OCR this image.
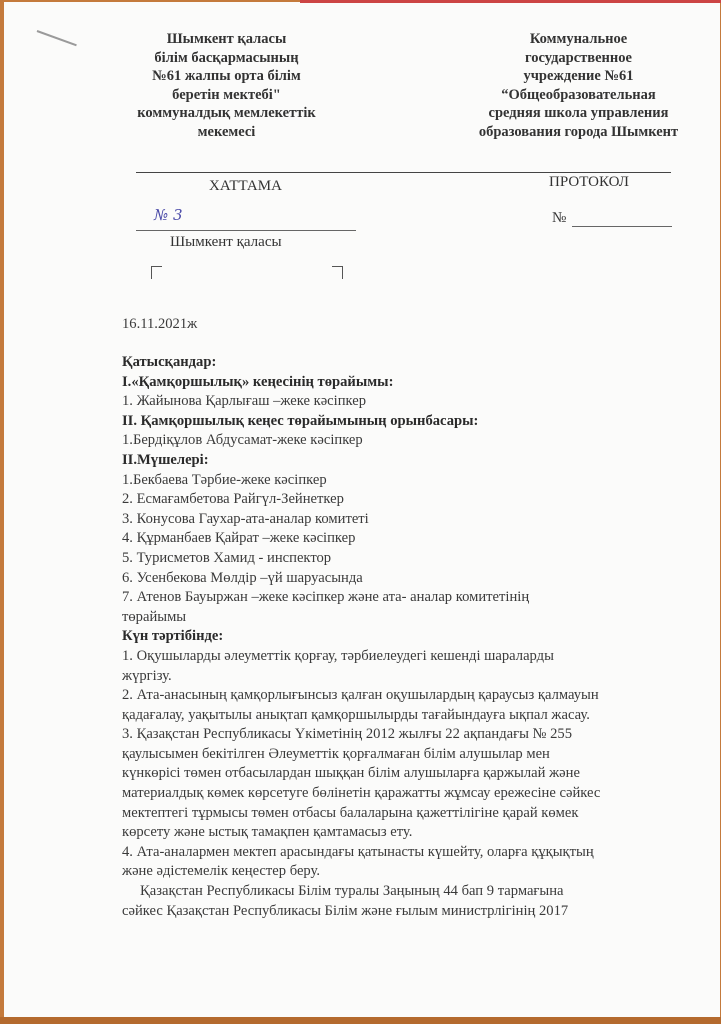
Шымкент қаласы
білім басқармасының
№61 жалпы орта білім
беретін мектебі"
коммуналдық мемлекеттік
мекемесі
Коммунальное
государственное
учреждение №61
“Общеобразовательная
средняя школа управления
образования города Шымкент
ХАТТАМА	ПРОТОКОЛ
№ 3	№
Шымкент қаласы
16.11.2021ж
Қатысқандар:
І.«Қамқоршылық» кеңесінің төрайымы:
1. Жайынова Қарлығаш –жеке кәсіпкер
ІІ. Қамқоршылық кеңес төрайымының орынбасары:
1.Бердіқұлов Абдусамат-жеке кәсіпкер
ІІ.Мүшелері:
1.Бекбаева Тәрбие-жеке кәсіпкер
2. Есмағамбетова Райгүл-Зейнеткер
3. Конусова Гаухар-ата-аналар комитеті
4. Құрманбаев Қайрат –жеке кәсіпкер
5. Турисметов Хамид - инспектор
6. Усенбекова Мөлдір –үй шаруасында
7. Атенов Бауыржан –жеке кәсіпкер және ата- аналар комитетінің
төрайымы
Күн тәртібінде:
1. Оқушыларды әлеуметтік қорғау, тәрбиелеудегі кешенді шараларды
жүргізу.
2. Ата-анасының қамқорлығынсыз қалған оқушылардың қараусыз қалмауын
қадағалау, уақытылы анықтап қамқоршылырды тағайындауға ықпал жасау.
3. Қазақстан Республикасы Үкіметінің 2012 жылғы 22 ақпандағы № 255
қаулысымен бекітілген Әлеуметтік қорғалмаған білім алушылар мен
күнкөрісі төмен отбасылардан шыққан білім алушыларға қаржылай және
материалдық көмек көрсетуге бөлінетін қаражатты жұмсау ережесіне сәйкес
мектептегі тұрмысы төмен отбасы балаларына қажеттілігіне қарай көмек
көрсету және ыстық тамақпен қамтамасыз ету.
4. Ата-аналармен мектеп арасындағы қатынасты күшейту, оларға құқықтың
және әдістемелік кеңестер беру.
Қазақстан Республикасы Білім туралы Заңының 44 бап 9 тармағына
сәйкес Қазақстан Республикасы Білім және ғылым министрлігінің 2017
